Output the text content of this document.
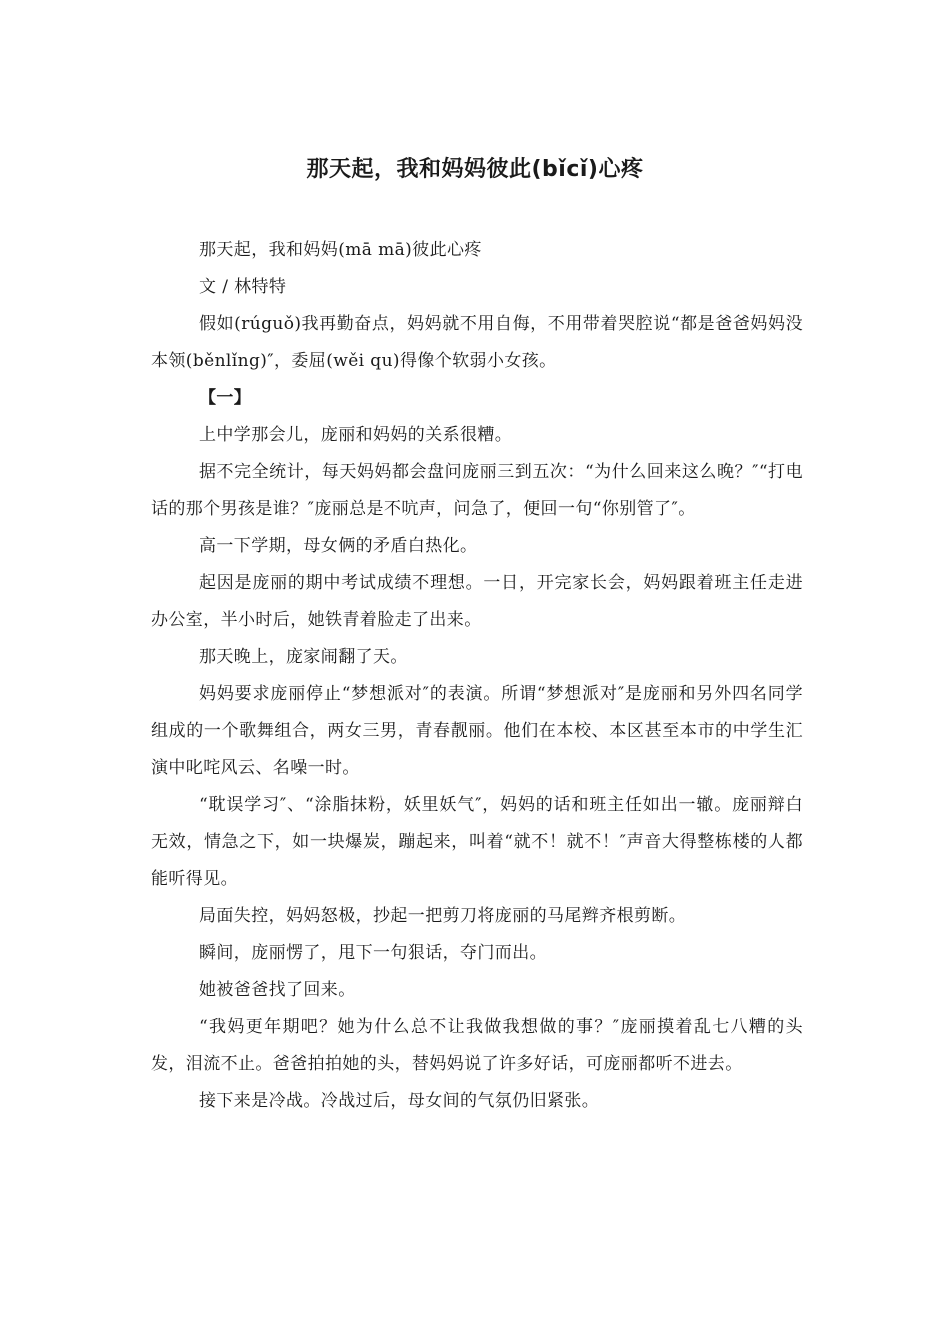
那天起，我和妈妈彼此(bǐcǐ)心疼

那天起，我和妈妈(mā mā)彼此心疼

文 / 林特特

假如(rúguǒ)我再勤奋点，妈妈就不用自侮，不用带着哭腔说“都是爸爸妈妈没本领(běnlǐng)″，委屈(wěi qu)得像个软弱小女孩。

【一】

上中学那会儿，庞丽和妈妈的关系很糟。

据不完全统计，每天妈妈都会盘问庞丽三到五次：“为什么回来这么晚？″“打电话的那个男孩是谁？″庞丽总是不吭声，问急了，便回一句“你别管了″。

高一下学期，母女俩的矛盾白热化。

起因是庞丽的期中考试成绩不理想。一日，开完家长会，妈妈跟着班主任走进办公室，半小时后，她铁青着脸走了出来。

那天晚上，庞家闹翻了天。

妈妈要求庞丽停止“梦想派对″的表演。所谓“梦想派对″是庞丽和另外四名同学组成的一个歌舞组合，两女三男，青春靓丽。他们在本校、本区甚至本市的中学生汇演中叱咤风云、名噪一时。

“耽误学习″、“涂脂抹粉，妖里妖气″，妈妈的话和班主任如出一辙。庞丽辩白无效，情急之下，如一块爆炭，蹦起来，叫着“就不！就不！″声音大得整栋楼的人都能听得见。

局面失控，妈妈怒极，抄起一把剪刀将庞丽的马尾辫齐根剪断。

瞬间，庞丽愣了，甩下一句狠话，夺门而出。

她被爸爸找了回来。

“我妈更年期吧？她为什么总不让我做我想做的事？″庞丽摸着乱七八糟的头发，泪流不止。爸爸拍拍她的头，替妈妈说了许多好话，可庞丽都听不进去。

接下来是冷战。冷战过后，母女间的气氛仍旧紧张。
